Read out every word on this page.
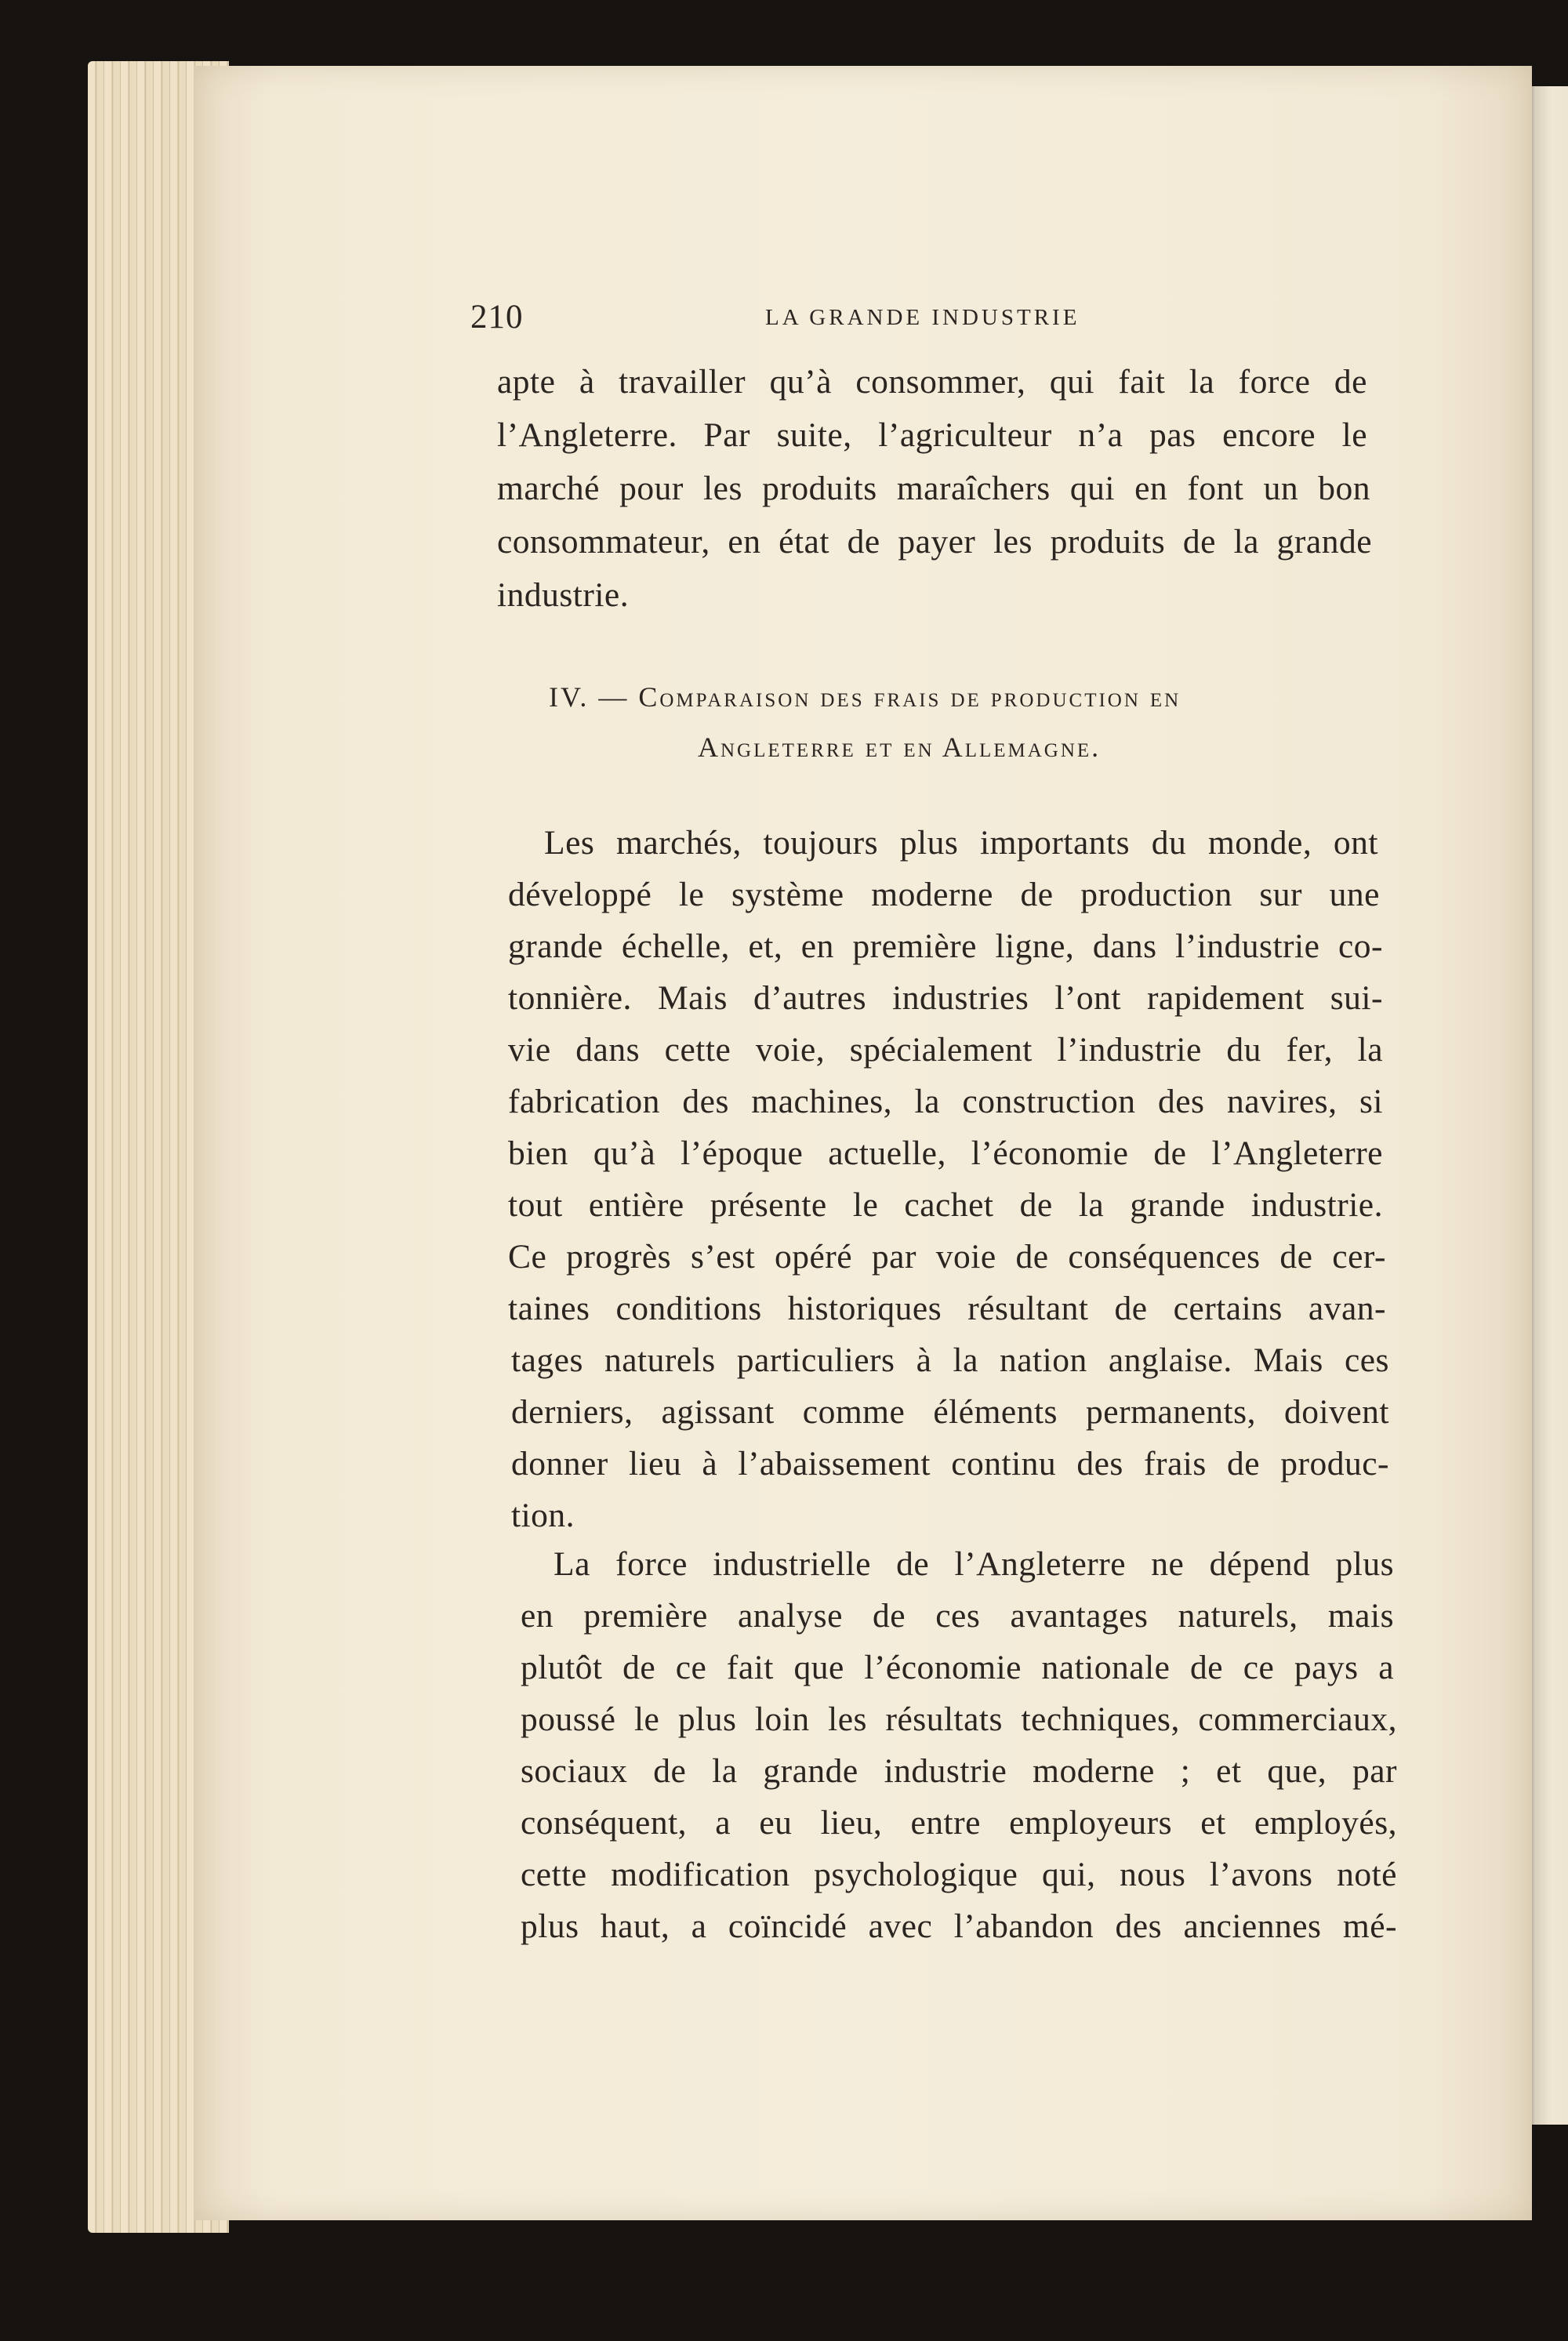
210	LA GRANDE INDUSTRIE
apte à travailler qu’à consommer, qui fait la force de
l’Angleterre. Par suite, l’agriculteur n’a pas encore le
marché pour les produits maraîchers qui en font un bon
consommateur, en état de payer les produits de la grande
industrie.
IV. — Comparaison des frais de production en
Angleterre et en Allemagne.
Les marchés, toujours plus importants du monde, ont
développé le système moderne de production sur une
grande échelle, et, en première ligne, dans l’industrie co-
tonnière. Mais d’autres industries l’ont rapidement sui-
vie dans cette voie, spécialement l’industrie du fer, la
fabrication des machines, la construction des navires, si
bien qu’à l’époque actuelle, l’économie de l’Angleterre
tout entière présente le cachet de la grande industrie.
Ce progrès s’est opéré par voie de conséquences de cer-
taines conditions historiques résultant de certains avan-
tages naturels particuliers à la nation anglaise. Mais ces
derniers, agissant comme éléments permanents, doivent
donner lieu à l’abaissement continu des frais de produc-
tion.
La force industrielle de l’Angleterre ne dépend plus
en première analyse de ces avantages naturels, mais
plutôt de ce fait que l’économie nationale de ce pays a
poussé le plus loin les résultats techniques, commerciaux,
sociaux de la grande industrie moderne ; et que, par
conséquent, a eu lieu, entre employeurs et employés,
cette modification psychologique qui, nous l’avons noté
plus haut, a coïncidé avec l’abandon des anciennes mé-
